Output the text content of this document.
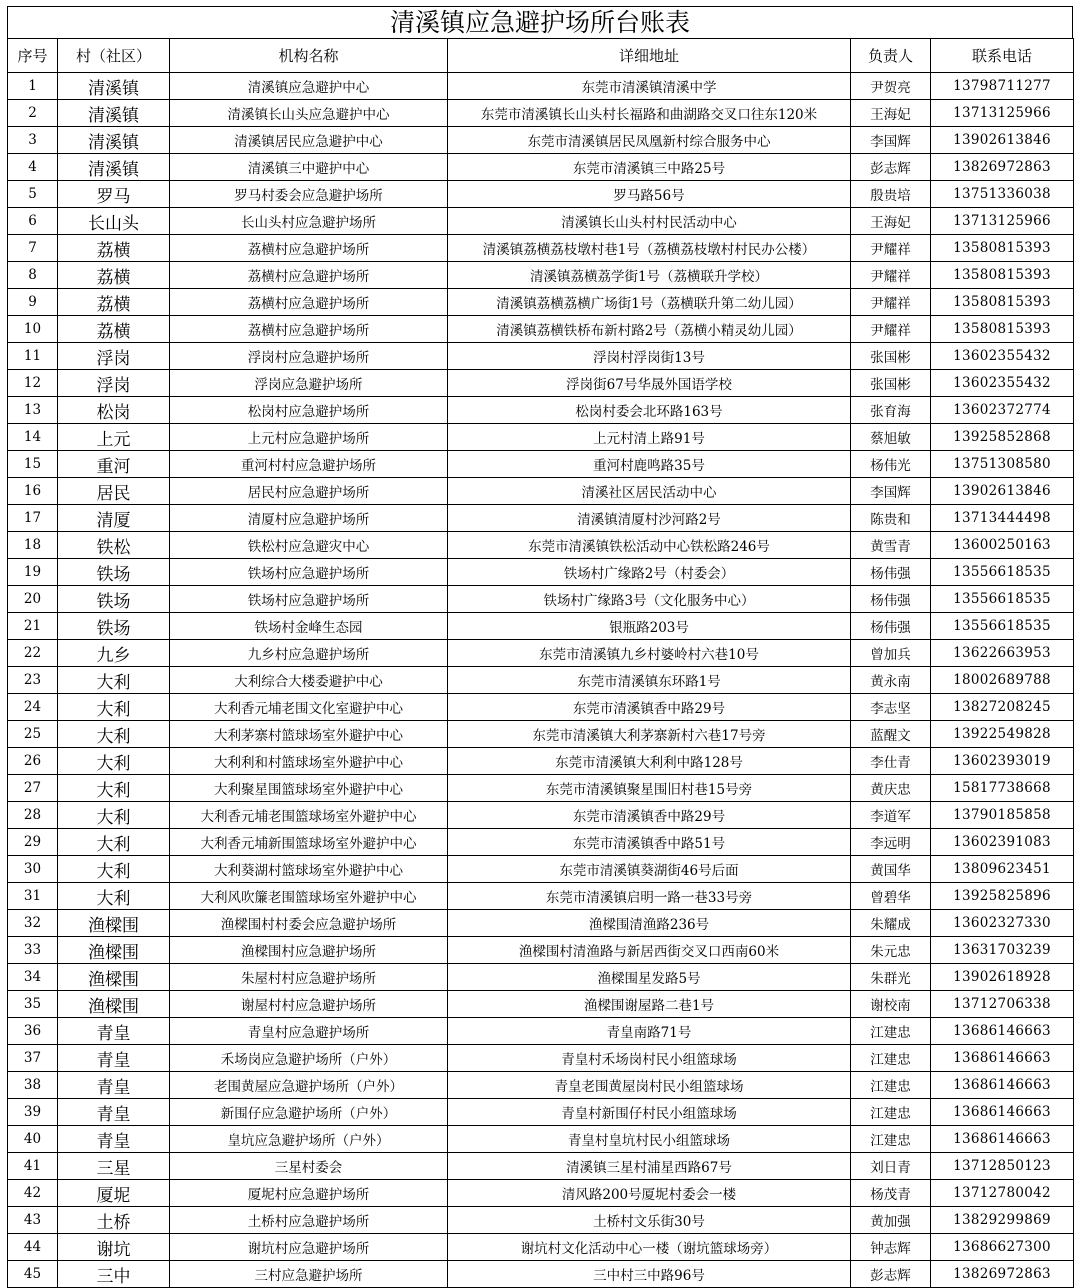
清溪镇应急避护场所台账表
序号	村（社区）	机构名称	详细地址	负责人	联系电话
1	清溪镇	清溪镇应急避护中心	东莞市清溪镇清溪中学	尹贺亮	13798711277
2	清溪镇	清溪镇长山头应急避护中心	东莞市清溪镇长山头村长福路和曲湖路交叉口往东120米	王海妃	13713125966
3	清溪镇	清溪镇居民应急避护中心	东莞市清溪镇居民凤凰新村综合服务中心	李国辉	13902613846
4	清溪镇	清溪镇三中避护中心	东莞市清溪镇三中路25号	彭志辉	13826972863
5	罗马	罗马村委会应急避护场所	罗马路56号	殷贵培	13751336038
6	长山头	长山头村应急避护场所	清溪镇长山头村村民活动中心	王海妃	13713125966
7	荔横	荔横村应急避护场所	清溪镇荔横荔枝墩村巷1号（荔横荔枝墩村村民办公楼）	尹耀祥	13580815393
8	荔横	荔横村应急避护场所	清溪镇荔横荔学街1号（荔横联升学校）	尹耀祥	13580815393
9	荔横	荔横村应急避护场所	清溪镇荔横荔横广场街1号（荔横联升第二幼儿园）	尹耀祥	13580815393
10	荔横	荔横村应急避护场所	清溪镇荔横铁桥布新村路2号（荔横小精灵幼儿园）	尹耀祥	13580815393
11	浮岗	浮岗村应急避护场所	浮岗村浮岗街13号	张国彬	13602355432
12	浮岗	浮岗应急避护场所	浮岗街67号华晟外国语学校	张国彬	13602355432
13	松岗	松岗村应急避护场所	松岗村委会北环路163号	张育海	13602372774
14	上元	上元村应急避护场所	上元村清上路91号	蔡旭敏	13925852868
15	重河	重河村村应急避护场所	重河村鹿鸣路35号	杨伟光	13751308580
16	居民	居民村应急避护场所	清溪社区居民活动中心	李国辉	13902613846
17	清厦	清厦村应急避护场所	清溪镇清厦村沙河路2号	陈贵和	13713444498
18	铁松	铁松村应急避灾中心	东莞市清溪镇铁松活动中心铁松路246号	黄雪青	13600250163
19	铁场	铁场村应急避护场所	铁场村广缘路2号（村委会）	杨伟强	13556618535
20	铁场	铁场村应急避护场所	铁场村广缘路3号（文化服务中心）	杨伟强	13556618535
21	铁场	铁场村金峰生态园	银瓶路203号	杨伟强	13556618535
22	九乡	九乡村应急避护场所	东莞市清溪镇九乡村婆岭村六巷10号	曾加兵	13622663953
23	大利	大利综合大楼委避护中心	东莞市清溪镇东环路1号	黄永南	18002689788
24	大利	大利香元埔老围文化室避护中心	东莞市清溪镇香中路29号	李志坚	13827208245
25	大利	大利茅寨村篮球场室外避护中心	东莞市清溪镇大利茅寨新村六巷17号旁	蓝醒文	13922549828
26	大利	大利利和村篮球场室外避护中心	东莞市清溪镇大利利中路128号	李仕青	13602393019
27	大利	大利聚星围篮球场室外避护中心	东莞市清溪镇聚星围旧村巷15号旁	黄庆忠	15817738668
28	大利	大利香元埔老围篮球场室外避护中心	东莞市清溪镇香中路29号	李道军	13790185858
29	大利	大利香元埔新围篮球场室外避护中心	东莞市清溪镇香中路51号	李远明	13602391083
30	大利	大利葵湖村篮球场室外避护中心	东莞市清溪镇葵湖街46号后面	黄国华	13809623451
31	大利	大利风吹簾老围篮球场室外避护中心	东莞市清溪镇启明一路一巷33号旁	曾碧华	13925825896
32	渔樑围	渔樑围村村委会应急避护场所	渔樑围清渔路236号	朱耀成	13602327330
33	渔樑围	渔樑围村应急避护场所	渔樑围村清渔路与新居西街交叉口西南60米	朱元忠	13631703239
34	渔樑围	朱屋村村应急避护场所	渔樑围星发路5号	朱群光	13902618928
35	渔樑围	谢屋村村应急避护场所	渔樑围谢屋路二巷1号	谢校南	13712706338
36	青皇	青皇村应急避护场所	青皇南路71号	江建忠	13686146663
37	青皇	禾场岗应急避护场所（户外）	青皇村禾场岗村民小组篮球场	江建忠	13686146663
38	青皇	老围黄屋应急避护场所（户外）	青皇老围黄屋岗村民小组篮球场	江建忠	13686146663
39	青皇	新围仔应急避护场所（户外）	青皇村新围仔村民小组篮球场	江建忠	13686146663
40	青皇	皇坑应急避护场所（户外）	青皇村皇坑村民小组篮球场	江建忠	13686146663
41	三星	三星村委会	清溪镇三星村浦星西路67号	刘日青	13712850123
42	厦坭	厦坭村应急避护场所	清风路200号厦坭村委会一楼	杨茂青	13712780042
43	土桥	土桥村应急避护场所	土桥村文乐街30号	黄加强	13829299869
44	谢坑	谢坑村应急避护场所	谢坑村文化活动中心一楼（谢坑篮球场旁）	钟志辉	13686627300
45	三中	三村应急避护场所	三中村三中路96号	彭志辉	13826972863
